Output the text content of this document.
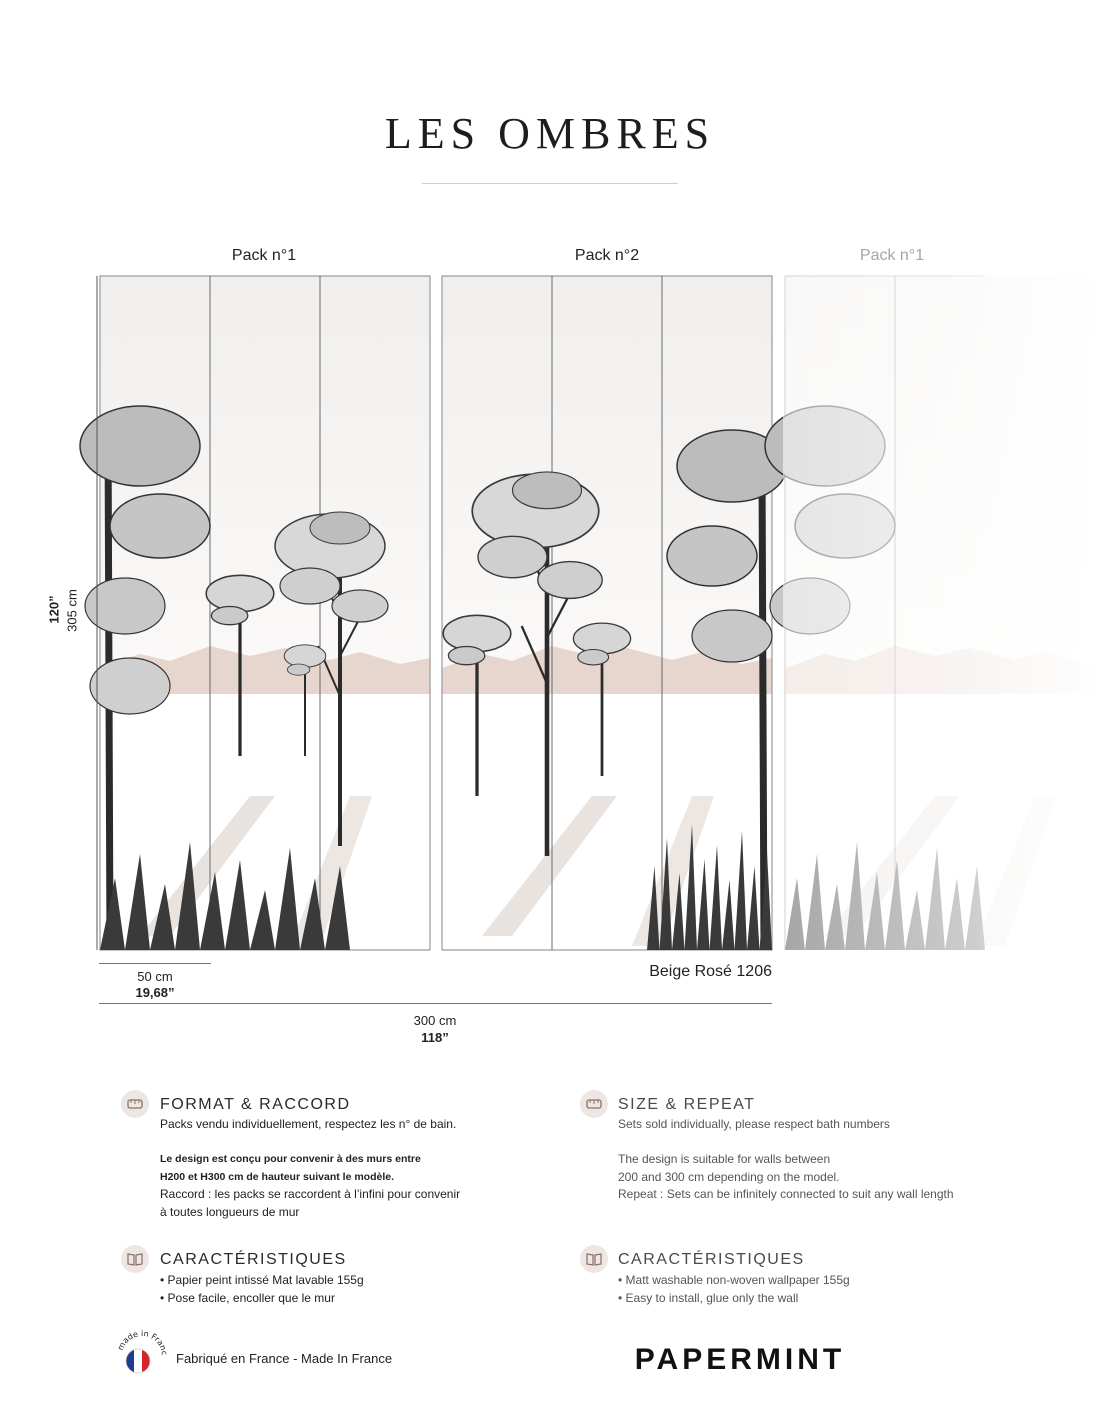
LES OMBRES
Pack n°1	Pack n°2	Pack n°1
120” 305 cm
50 cm
19,68”
Beige Rosé 1206
300 cm
118”
FORMAT & RACCORD
Packs vendu individuellement, respectez les n° de bain.
Le design est conçu pour convenir à des murs entre
H200 et H300 cm de hauteur suivant le modèle.
Raccord : les packs se raccordent à l’infini pour convenir
à toutes longueurs de mur
SIZE & REPEAT
Sets sold individually, please respect bath numbers
The design is suitable for walls between
200 and 300 cm depending on the model.
Repeat : Sets can be infinitely connected to suit any wall length
CARACTÉRISTIQUES
• Papier peint intissé Mat lavable 155g
• Pose facile, encoller que le mur
CARACTÉRISTIQUES
• Matt washable non-woven wallpaper 155g
• Easy to install, glue only the wall
made in Fran
Fabriqué en France - Made In France	PAPERMINT
